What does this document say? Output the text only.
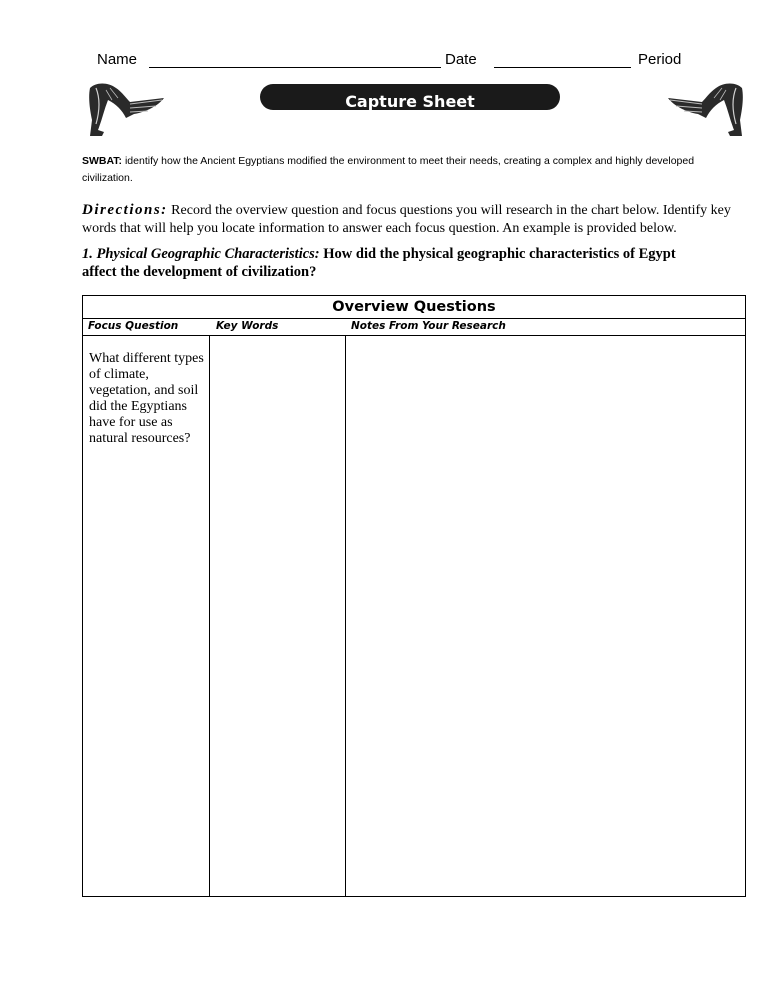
Name	Date	Period
Capture Sheet
SWBAT: identify how the Ancient Egyptians modified the environment to meet their needs, creating a complex and highly developed civilization.
Directions: Record the overview question and focus questions you will research in the chart below. Identify key words that will help you locate information to answer each focus question. An example is provided below.
1. Physical Geographic Characteristics: How did the physical geographic characteristics of Egypt affect the development of civilization?
Overview Questions
Focus Question	Key Words	Notes From Your Research
What different types of climate, vegetation, and soil did the Egyptians have for use as natural resources?
